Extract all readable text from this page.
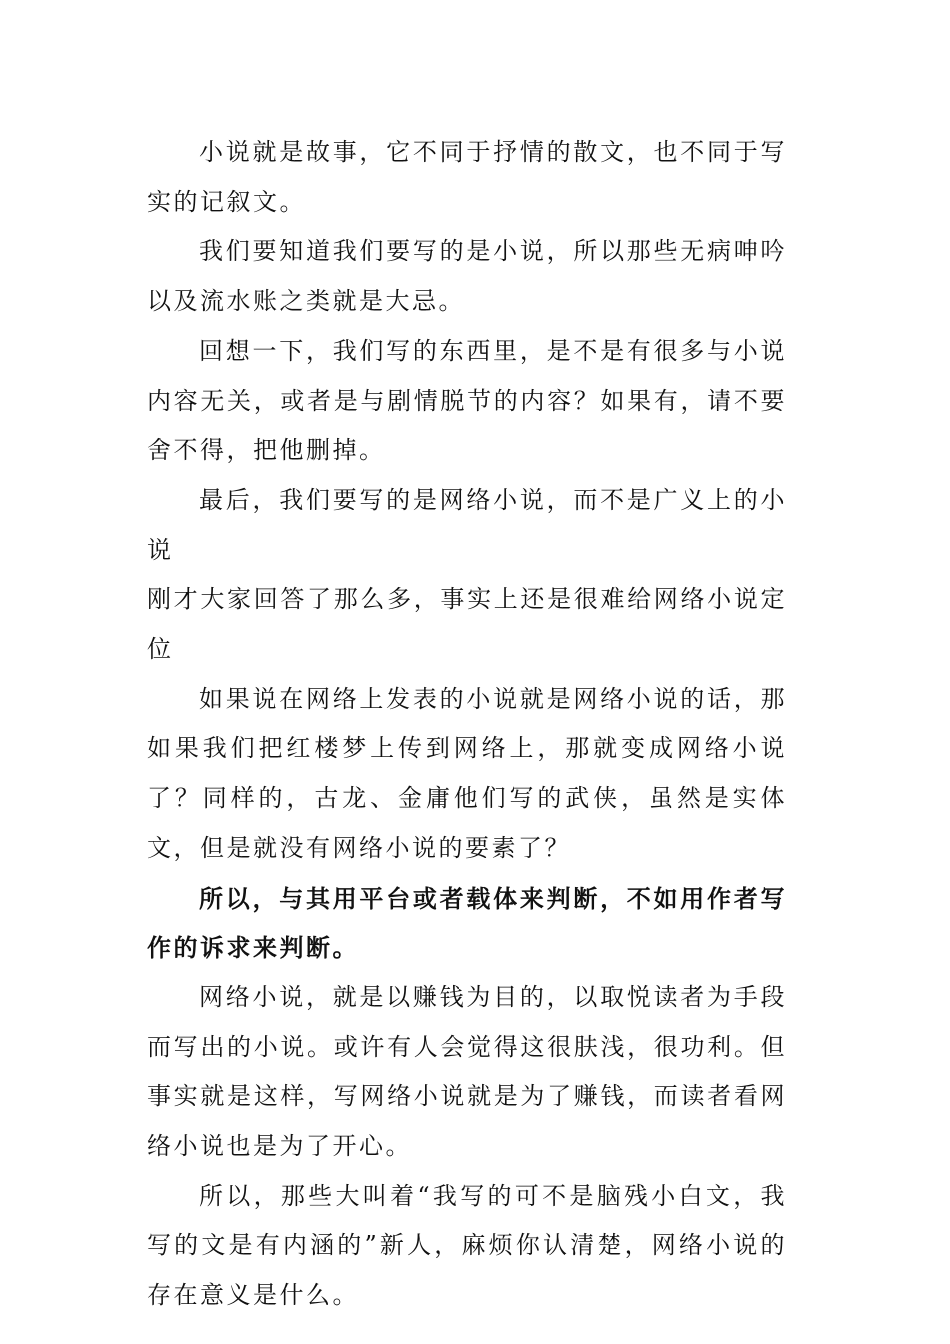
小说就是故事，它不同于抒情的散文，也不同于写实的记叙文。

我们要知道我们要写的是小说，所以那些无病呻吟以及流水账之类就是大忌。

回想一下，我们写的东西里，是不是有很多与小说内容无关，或者是与剧情脱节的内容？如果有，请不要舍不得，把他删掉。

最后，我们要写的是网络小说，而不是广义上的小说

刚才大家回答了那么多，事实上还是很难给网络小说定位

如果说在网络上发表的小说就是网络小说的话，那如果我们把红楼梦上传到网络上，那就变成网络小说了？同样的，古龙、金庸他们写的武侠，虽然是实体文，但是就没有网络小说的要素了？

所以，与其用平台或者载体来判断，不如用作者写作的诉求来判断。

网络小说，就是以赚钱为目的，以取悦读者为手段而写出的小说。或许有人会觉得这很肤浅，很功利。但事实就是这样，写网络小说就是为了赚钱，而读者看网络小说也是为了开心。

所以，那些大叫着“我写的可不是脑残小白文，我写的文是有内涵的”新人，麻烦你认清楚，网络小说的存在意义是什么。
